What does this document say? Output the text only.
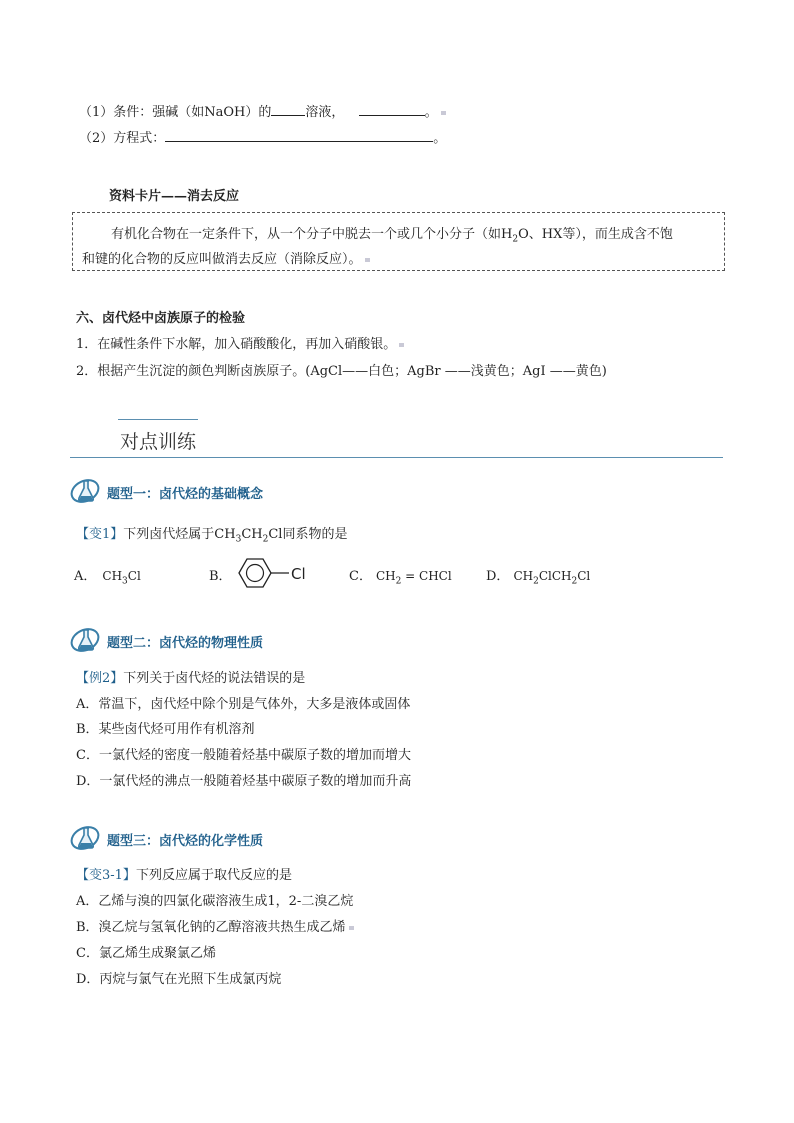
（1）条件：强碱（如NaOH）的	溶液，	。
（2）方程式：	。
资料卡片——消去反应
有机化合物在一定条件下，从一个分子中脱去一个或几个小分子（如$H_2O$、HX等），而生成含不饱
和键的化合物的反应叫做消去反应（消除反应）。
六、卤代烃中卤族原子的检验
1．在碱性条件下水解，加入硝酸酸化，再加入硝酸银。
2．根据产生沉淀的颜色判断卤族原子。(AgCl——白色；AgBr ——浅黄色；AgI ——黄色)
对点训练
题型一：卤代烃的基础概念
【变1】下列卤代烃属于$CH_3CH_2Cl$同系物的是
A． $CH_3Cl$	B．	Cl	C． $CH_2$ = CHCl	D． $CH_2ClCH_2Cl$
题型二：卤代烃的物理性质
【例2】下列关于卤代烃的说法错误的是
A．常温下，卤代烃中除个别是气体外，大多是液体或固体
B．某些卤代烃可用作有机溶剂
C．一氯代烃的密度一般随着烃基中碳原子数的增加而增大
D．一氯代烃的沸点一般随着烃基中碳原子数的增加而升高
题型三：卤代烃的化学性质
【变3-1】下列反应属于取代反应的是
A．乙烯与溴的四氯化碳溶液生成1，2-二溴乙烷
B．溴乙烷与氢氧化钠的乙醇溶液共热生成乙烯
C．氯乙烯生成聚氯乙烯
D．丙烷与氯气在光照下生成氯丙烷
